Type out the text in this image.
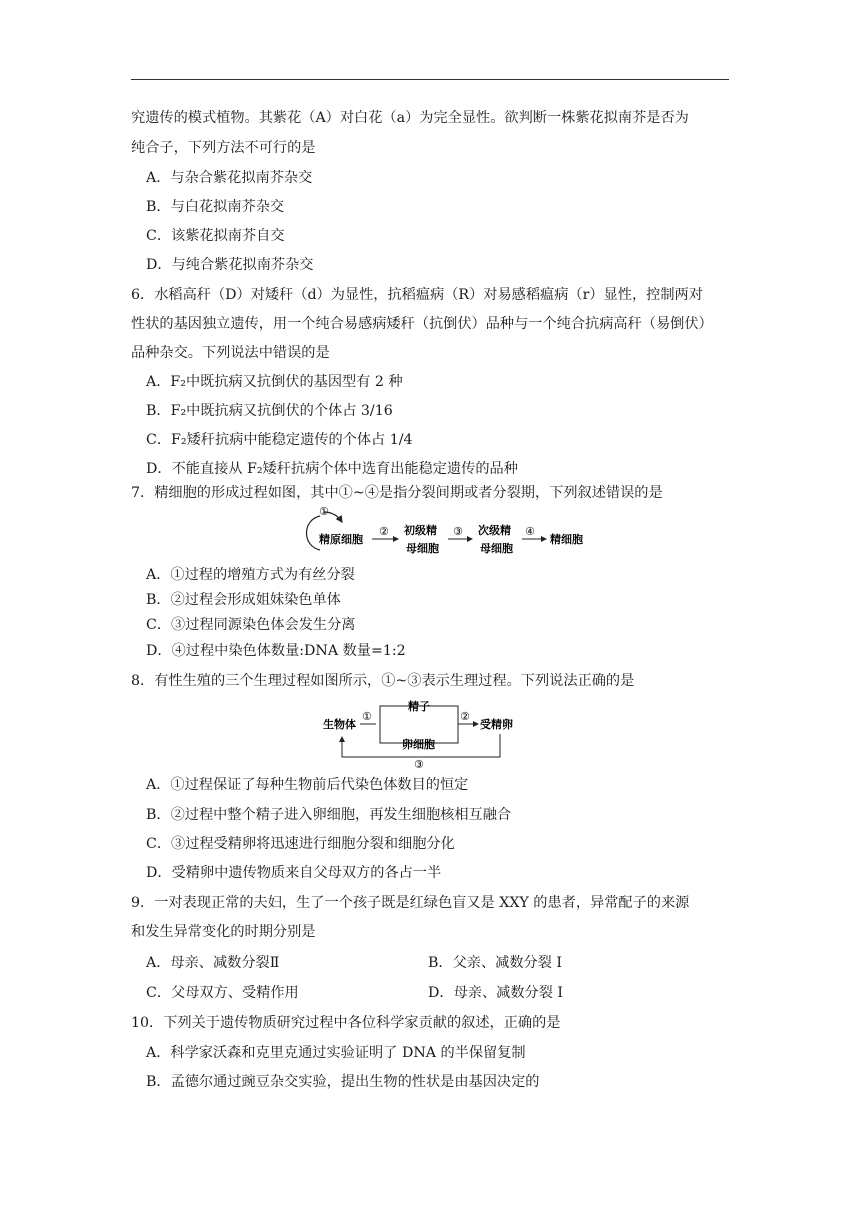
究遗传的模式植物。其紫花（A）对白花（a）为完全显性。欲判断一株紫花拟南芥是否为
纯合子，下列方法不可行的是
A．与杂合紫花拟南芥杂交
B．与白花拟南芥杂交
C．该紫花拟南芥自交
D．与纯合紫花拟南芥杂交
6．水稻高秆（D）对矮秆（d）为显性，抗稻瘟病（R）对易感稻瘟病（r）显性，控制两对
性状的基因独立遗传，用一个纯合易感病矮秆（抗倒伏）品种与一个纯合抗病高秆（易倒伏）
品种杂交。下列说法中错误的是
A．F₂中既抗病又抗倒伏的基因型有 2 种
B．F₂中既抗病又抗倒伏的个体占 3/16
C．F₂矮秆抗病中能稳定遗传的个体占 1/4
D．不能直接从 F₂矮秆抗病个体中选育出能稳定遗传的品种
7．精细胞的形成过程如图，其中①~④是指分裂间期或者分裂期，下列叙述错误的是
①
精原细胞
② 初级精
母细胞
③ 次级精
母细胞
④
精细胞
A．①过程的增殖方式为有丝分裂
B．②过程会形成姐妹染色单体
C．③过程同源染色体会发生分离
D．④过程中染色体数量:DNA 数量=1:2
8．有性生殖的三个生理过程如图所示，①~③表示生理过程。下列说法正确的是
生物体
①
精子
卵细胞
②
受精卵
③
A．①过程保证了每种生物前后代染色体数目的恒定
B．②过程中整个精子进入卵细胞，再发生细胞核相互融合
C．③过程受精卵将迅速进行细胞分裂和细胞分化
D．受精卵中遗传物质来自父母双方的各占一半
9．一对表现正常的夫妇，生了一个孩子既是红绿色盲又是 XXY 的患者，异常配子的来源
和发生异常变化的时期分别是
A．母亲、减数分裂Ⅱ	B．父亲、减数分裂 I
C．父母双方、受精作用	D．母亲、减数分裂 I
10．下列关于遗传物质研究过程中各位科学家贡献的叙述，正确的是
A．科学家沃森和克里克通过实验证明了 DNA 的半保留复制
B．孟德尔通过豌豆杂交实验，提出生物的性状是由基因决定的
